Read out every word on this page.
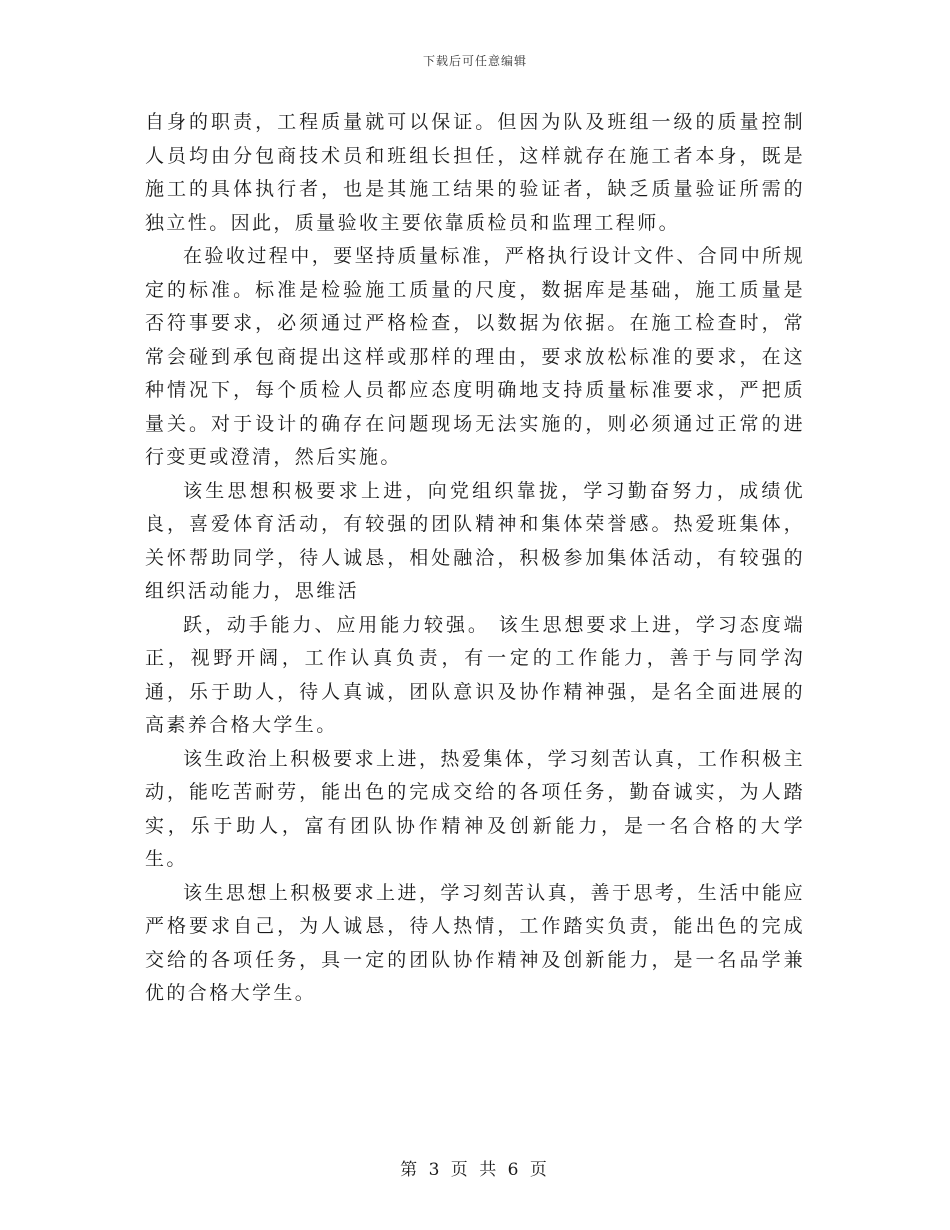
下载后可任意编辑

自身的职责，工程质量就可以保证。但因为队及班组一级的质量控制人员均由分包商技术员和班组长担任，这样就存在施工者本身，既是施工的具体执行者，也是其施工结果的验证者，缺乏质量验证所需的独立性。因此，质量验收主要依靠质检员和监理工程师。

在验收过程中，要坚持质量标准，严格执行设计文件、合同中所规定的标准。标准是检验施工质量的尺度，数据库是基础，施工质量是否符事要求，必须通过严格检查，以数据为依据。在施工检查时，常常会碰到承包商提出这样或那样的理由，要求放松标准的要求，在这种情况下，每个质检人员都应态度明确地支持质量标准要求，严把质量关。对于设计的确存在问题现场无法实施的，则必须通过正常的进行变更或澄清，然后实施。

该生思想积极要求上进，向党组织靠拢，学习勤奋努力，成绩优良，喜爱体育活动，有较强的团队精神和集体荣誉感。热爱班集体，关怀帮助同学，待人诚恳，相处融洽，积极参加集体活动，有较强的组织活动能力，思维活

跃，动手能力、应用能力较强。 该生思想要求上进，学习态度端正，视野开阔，工作认真负责，有一定的工作能力，善于与同学沟通，乐于助人，待人真诚，团队意识及协作精神强，是名全面进展的高素养合格大学生。

该生政治上积极要求上进，热爱集体，学习刻苦认真，工作积极主动，能吃苦耐劳，能出色的完成交给的各项任务，勤奋诚实，为人踏实，乐于助人，富有团队协作精神及创新能力，是一名合格的大学生。

该生思想上积极要求上进，学习刻苦认真，善于思考，生活中能应严格要求自己，为人诚恳，待人热情，工作踏实负责，能出色的完成交给的各项任务，具一定的团队协作精神及创新能力，是一名品学兼优的合格大学生。

第 3 页 共 6 页
